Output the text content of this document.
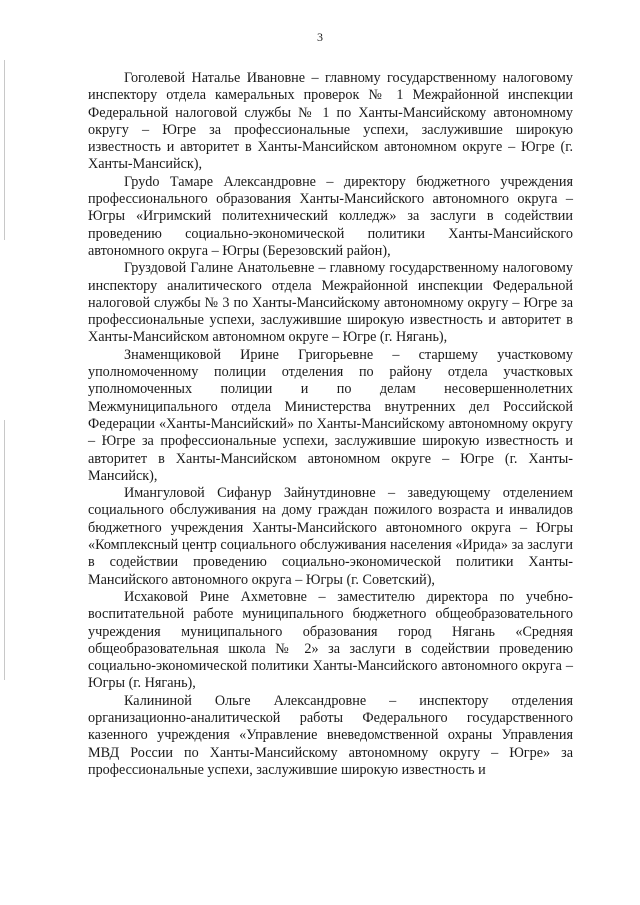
3

Гоголевой Наталье Ивановне – главному государственному налоговому инспектору отдела камеральных проверок № 1 Межрайонной инспекции Федеральной налоговой службы № 1 по Ханты-Мансийскому автономному округу – Югре за профессиональные успехи, заслужившие широкую известность и авторитет в Ханты-Мансийском автономном округе – Югре (г. Ханты-Мансийск),

Груdo Тамаре Александровне – директору бюджетного учреждения профессионального образования Ханты-Мансийского автономного округа – Югры «Игримский политехнический колледж» за заслуги в содействии проведению социально-экономической политики Ханты-Мансийского автономного округа – Югры (Березовский район),

Груздовой Галине Анатольевне – главному государственному налоговому инспектору аналитического отдела Межрайонной инспекции Федеральной налоговой службы № 3 по Ханты-Мансийскому автономному округу – Югре за профессиональные успехи, заслужившие широкую известность и авторитет в Ханты-Мансийском автономном округе – Югре (г. Нягань),

Знаменщиковой Ирине Григорьевне – старшему участковому уполномоченному полиции отделения по району отдела участковых уполномоченных полиции и по делам несовершеннолетних Межмуниципального отдела Министерства внутренних дел Российской Федерации «Ханты-Мансийский» по Ханты-Мансийскому автономному округу – Югре за профессиональные успехи, заслужившие широкую известность и авторитет в Ханты-Мансийском автономном округе – Югре (г. Ханты-Мансийск),

Имангуловой Сифанур Зайнутдиновне – заведующему отделением социального обслуживания на дому граждан пожилого возраста и инвалидов бюджетного учреждения Ханты-Мансийского автономного округа – Югры «Комплексный центр социального обслуживания населения «Ирида» за заслуги в содействии проведению социально-экономической политики Ханты-Мансийского автономного округа – Югры (г. Советский),

Исхаковой Рине Ахметовне – заместителю директора по учебно-воспитательной работе муниципального бюджетного общеобразовательного учреждения муниципального образования город Нягань «Средняя общеобразовательная школа № 2» за заслуги в содействии проведению социально-экономической политики Ханты-Мансийского автономного округа – Югры (г. Нягань),

Калининой Ольге Александровне – инспектору отделения организационно-аналитической работы Федерального государственного казенного учреждения «Управление вневедомственной охраны Управления МВД России по Ханты-Мансийскому автономному округу – Югре» за профессиональные успехи, заслужившие широкую известность и
